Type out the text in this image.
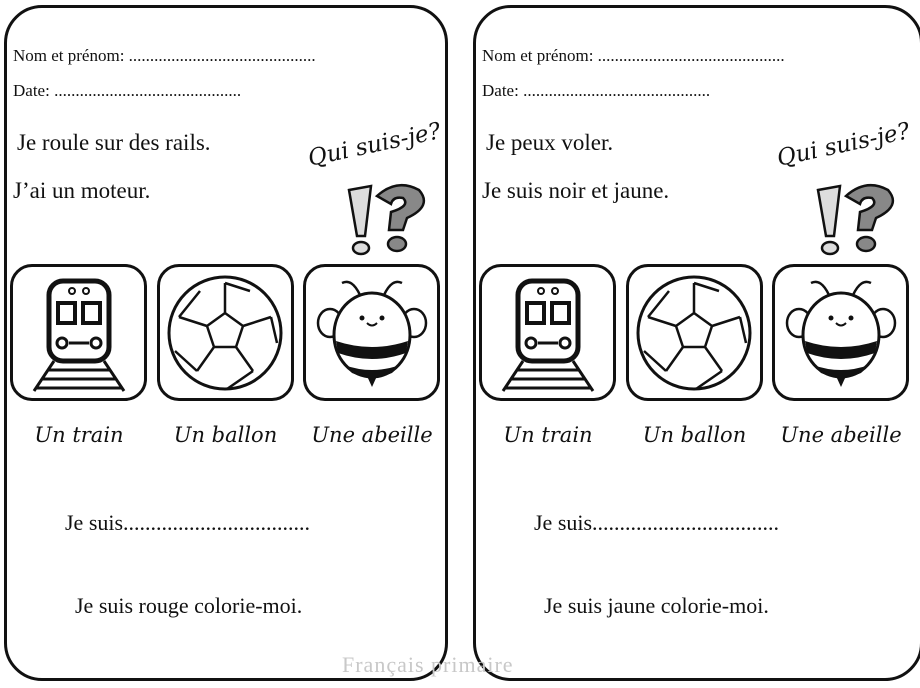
Nom et prénom: ............................................
Date: ............................................
Je roule sur des rails.
J’ai un moteur.
Qui suis-je?
Un train	Un ballon	Une abeille
Je suis..................................
Je suis rouge colorie-moi.
Nom et prénom: ............................................
Date: ............................................
Je peux voler.
Je suis noir et jaune.
Qui suis-je?
Un train	Un ballon	Une abeille
Je suis..................................
Je suis jaune colorie-moi.
Français primaire
